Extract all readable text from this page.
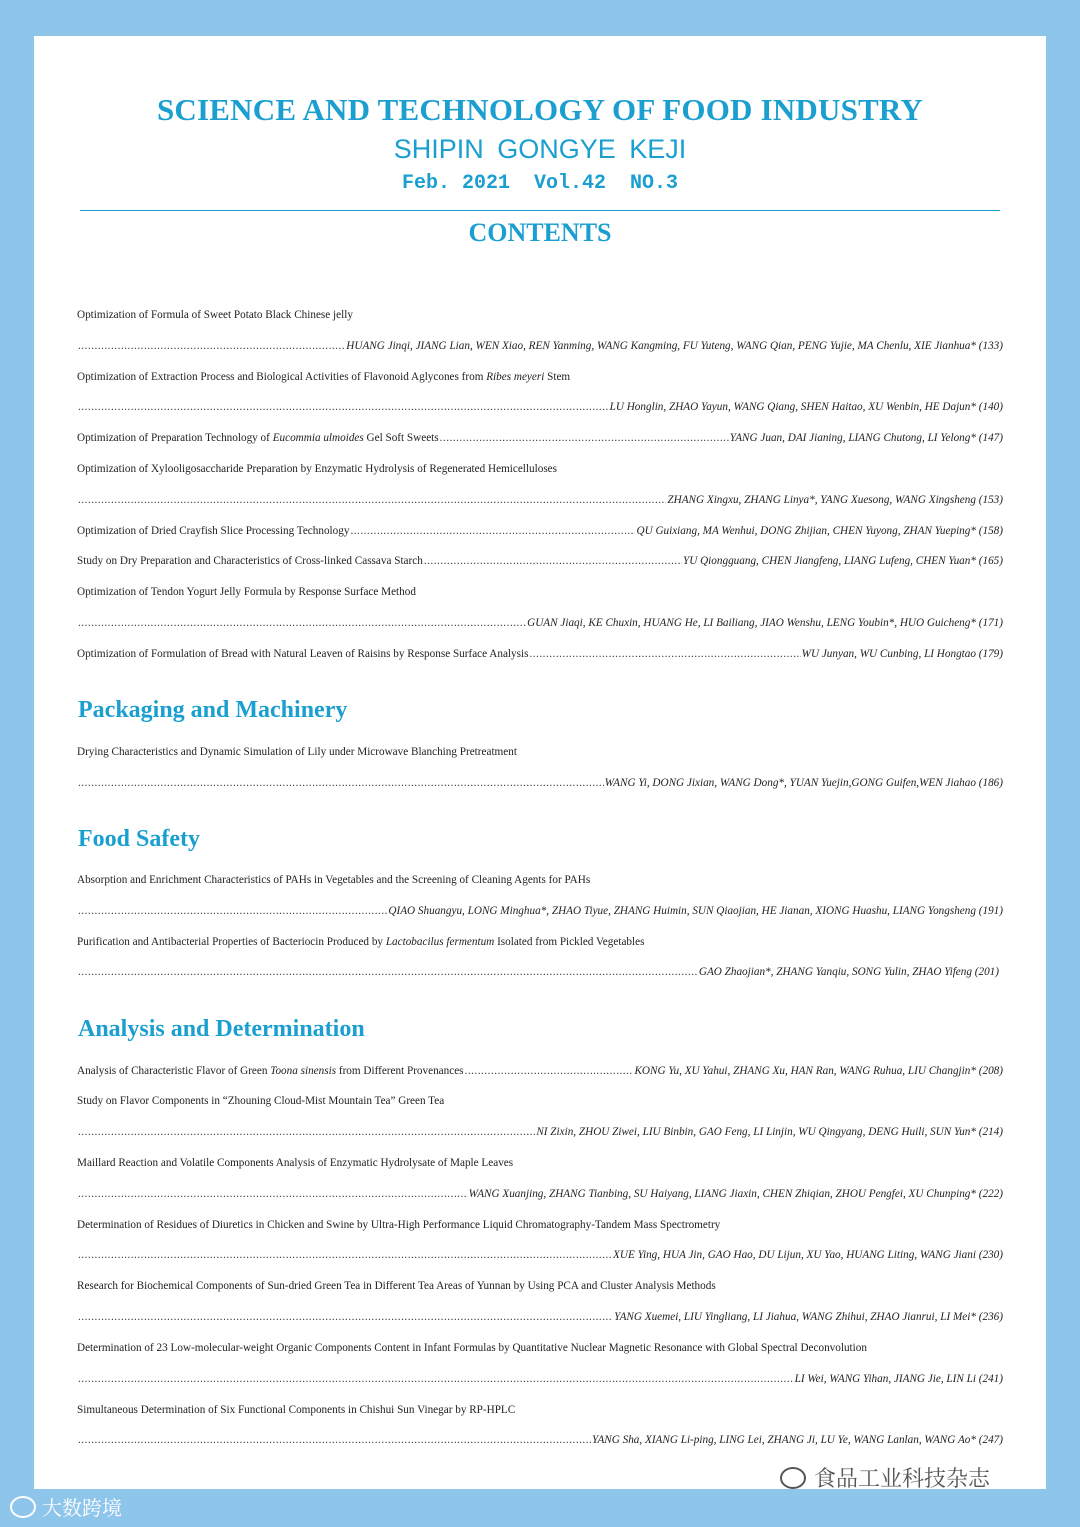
SCIENCE AND TECHNOLOGY OF FOOD INDUSTRY
SHIPIN GONGYE KEJI
Feb. 2021 Vol.42 NO.3
CONTENTS
Optimization of Formula of Sweet Potato Black Chinese jelly
.....
HUANG Jinqi, JIANG Lian, WEN Xiao, REN Yanming, WANG Kangming, FU Yuteng, WANG Qian, PENG Yujie, MA Chenlu, XIE Jianhua* (133)
Optimization of Extraction Process and Biological Activities of Flavonoid Aglycones from Ribes meyeri Stem
.....
LU Honglin, ZHAO Yayun, WANG Qiang, SHEN Haitao, XU Wenbin, HE Dajun* (140)
Optimization of Preparation Technology of Eucommia ulmoides Gel Soft Sweets .....	YANG Juan, DAI Jianing, LIANG Chutong, LI Yelong* (147)
Optimization of Xylooligosaccharide Preparation by Enzymatic Hydrolysis of Regenerated Hemicelluloses
.....
ZHANG Xingxu, ZHANG Linya*, YANG Xuesong, WANG Xingsheng (153)
Optimization of Dried Crayfish Slice Processing Technology .....	QU Guixiang, MA Wenhui, DONG Zhijian, CHEN Yuyong, ZHAN Yueping* (158)
Study on Dry Preparation and Characteristics of Cross-linked Cassava Starch .....	YU Qiongguang, CHEN Jiangfeng, LIANG Lufeng, CHEN Yuan* (165)
Optimization of Tendon Yogurt Jelly Formula by Response Surface Method
.....
GUAN Jiaqi, KE Chuxin, HUANG He, LI Bailiang, JIAO Wenshu, LENG Youbin*, HUO Guicheng* (171)
Optimization of Formulation of Bread with Natural Leaven of Raisins by Response Surface Analysis .....	WU Junyan, WU Cunbing, LI Hongtao (179)
Packaging and Machinery
Drying Characteristics and Dynamic Simulation of Lily under Microwave Blanching Pretreatment
.....
WANG Yi, DONG Jixian, WANG Dong*, YUAN Yuejin,GONG Guifen,WEN Jiahao (186)
Food Safety
Absorption and Enrichment Characteristics of PAHs in Vegetables and the Screening of Cleaning Agents for PAHs
.....
QIAO Shuangyu, LONG Minghua*, ZHAO Tiyue, ZHANG Huimin, SUN Qiaojian, HE Jianan, XIONG Huashu, LIANG Yongsheng (191)
Purification and Antibacterial Properties of Bacteriocin Produced by Lactobacilus fermentum Isolated from Pickled Vegetables
.....
GAO Zhaojian*, ZHANG Yanqiu, SONG Yulin, ZHAO Yifeng (201)
Analysis and Determination
Analysis of Characteristic Flavor of Green Toona sinensis from Different Provenances .....	KONG Yu, XU Yahui, ZHANG Xu, HAN Ran, WANG Ruhua, LIU Changjin* (208)
Study on Flavor Components in “Zhouning Cloud-Mist Mountain Tea” Green Tea
.....
NI Zixin, ZHOU Ziwei, LIU Binbin, GAO Feng, LI Linjin, WU Qingyang, DENG Huili, SUN Yun* (214)
Maillard Reaction and Volatile Components Analysis of Enzymatic Hydrolysate of Maple Leaves
.....
WANG Xuanjing, ZHANG Tianbing, SU Haiyang, LIANG Jiaxin, CHEN Zhiqian, ZHOU Pengfei, XU Chunping* (222)
Determination of Residues of Diuretics in Chicken and Swine by Ultra-High Performance Liquid Chromatography-Tandem Mass Spectrometry
.....
XUE Ying, HUA Jin, GAO Hao, DU Lijun, XU Yao, HUANG Liting, WANG Jiani (230)
Research for Biochemical Components of Sun-dried Green Tea in Different Tea Areas of Yunnan by Using PCA and Cluster Analysis Methods
.....
YANG Xuemei, LIU Yingliang, LI Jiahua, WANG Zhihui, ZHAO Jianrui, LI Mei* (236)
Determination of 23 Low-molecular-weight Organic Components Content in Infant Formulas by Quantitative Nuclear Magnetic Resonance with Global Spectral Deconvolution
.....
LI Wei, WANG Yihan, JIANG Jie, LIN Li (241)
Simultaneous Determination of Six Functional Components in Chishui Sun Vinegar by RP-HPLC
.....
YANG Sha, XIANG Li-ping, LING Lei, ZHANG Ji, LU Ye, WANG Lanlan, WANG Ao* (247)
食品工业科技杂志
大数跨境
